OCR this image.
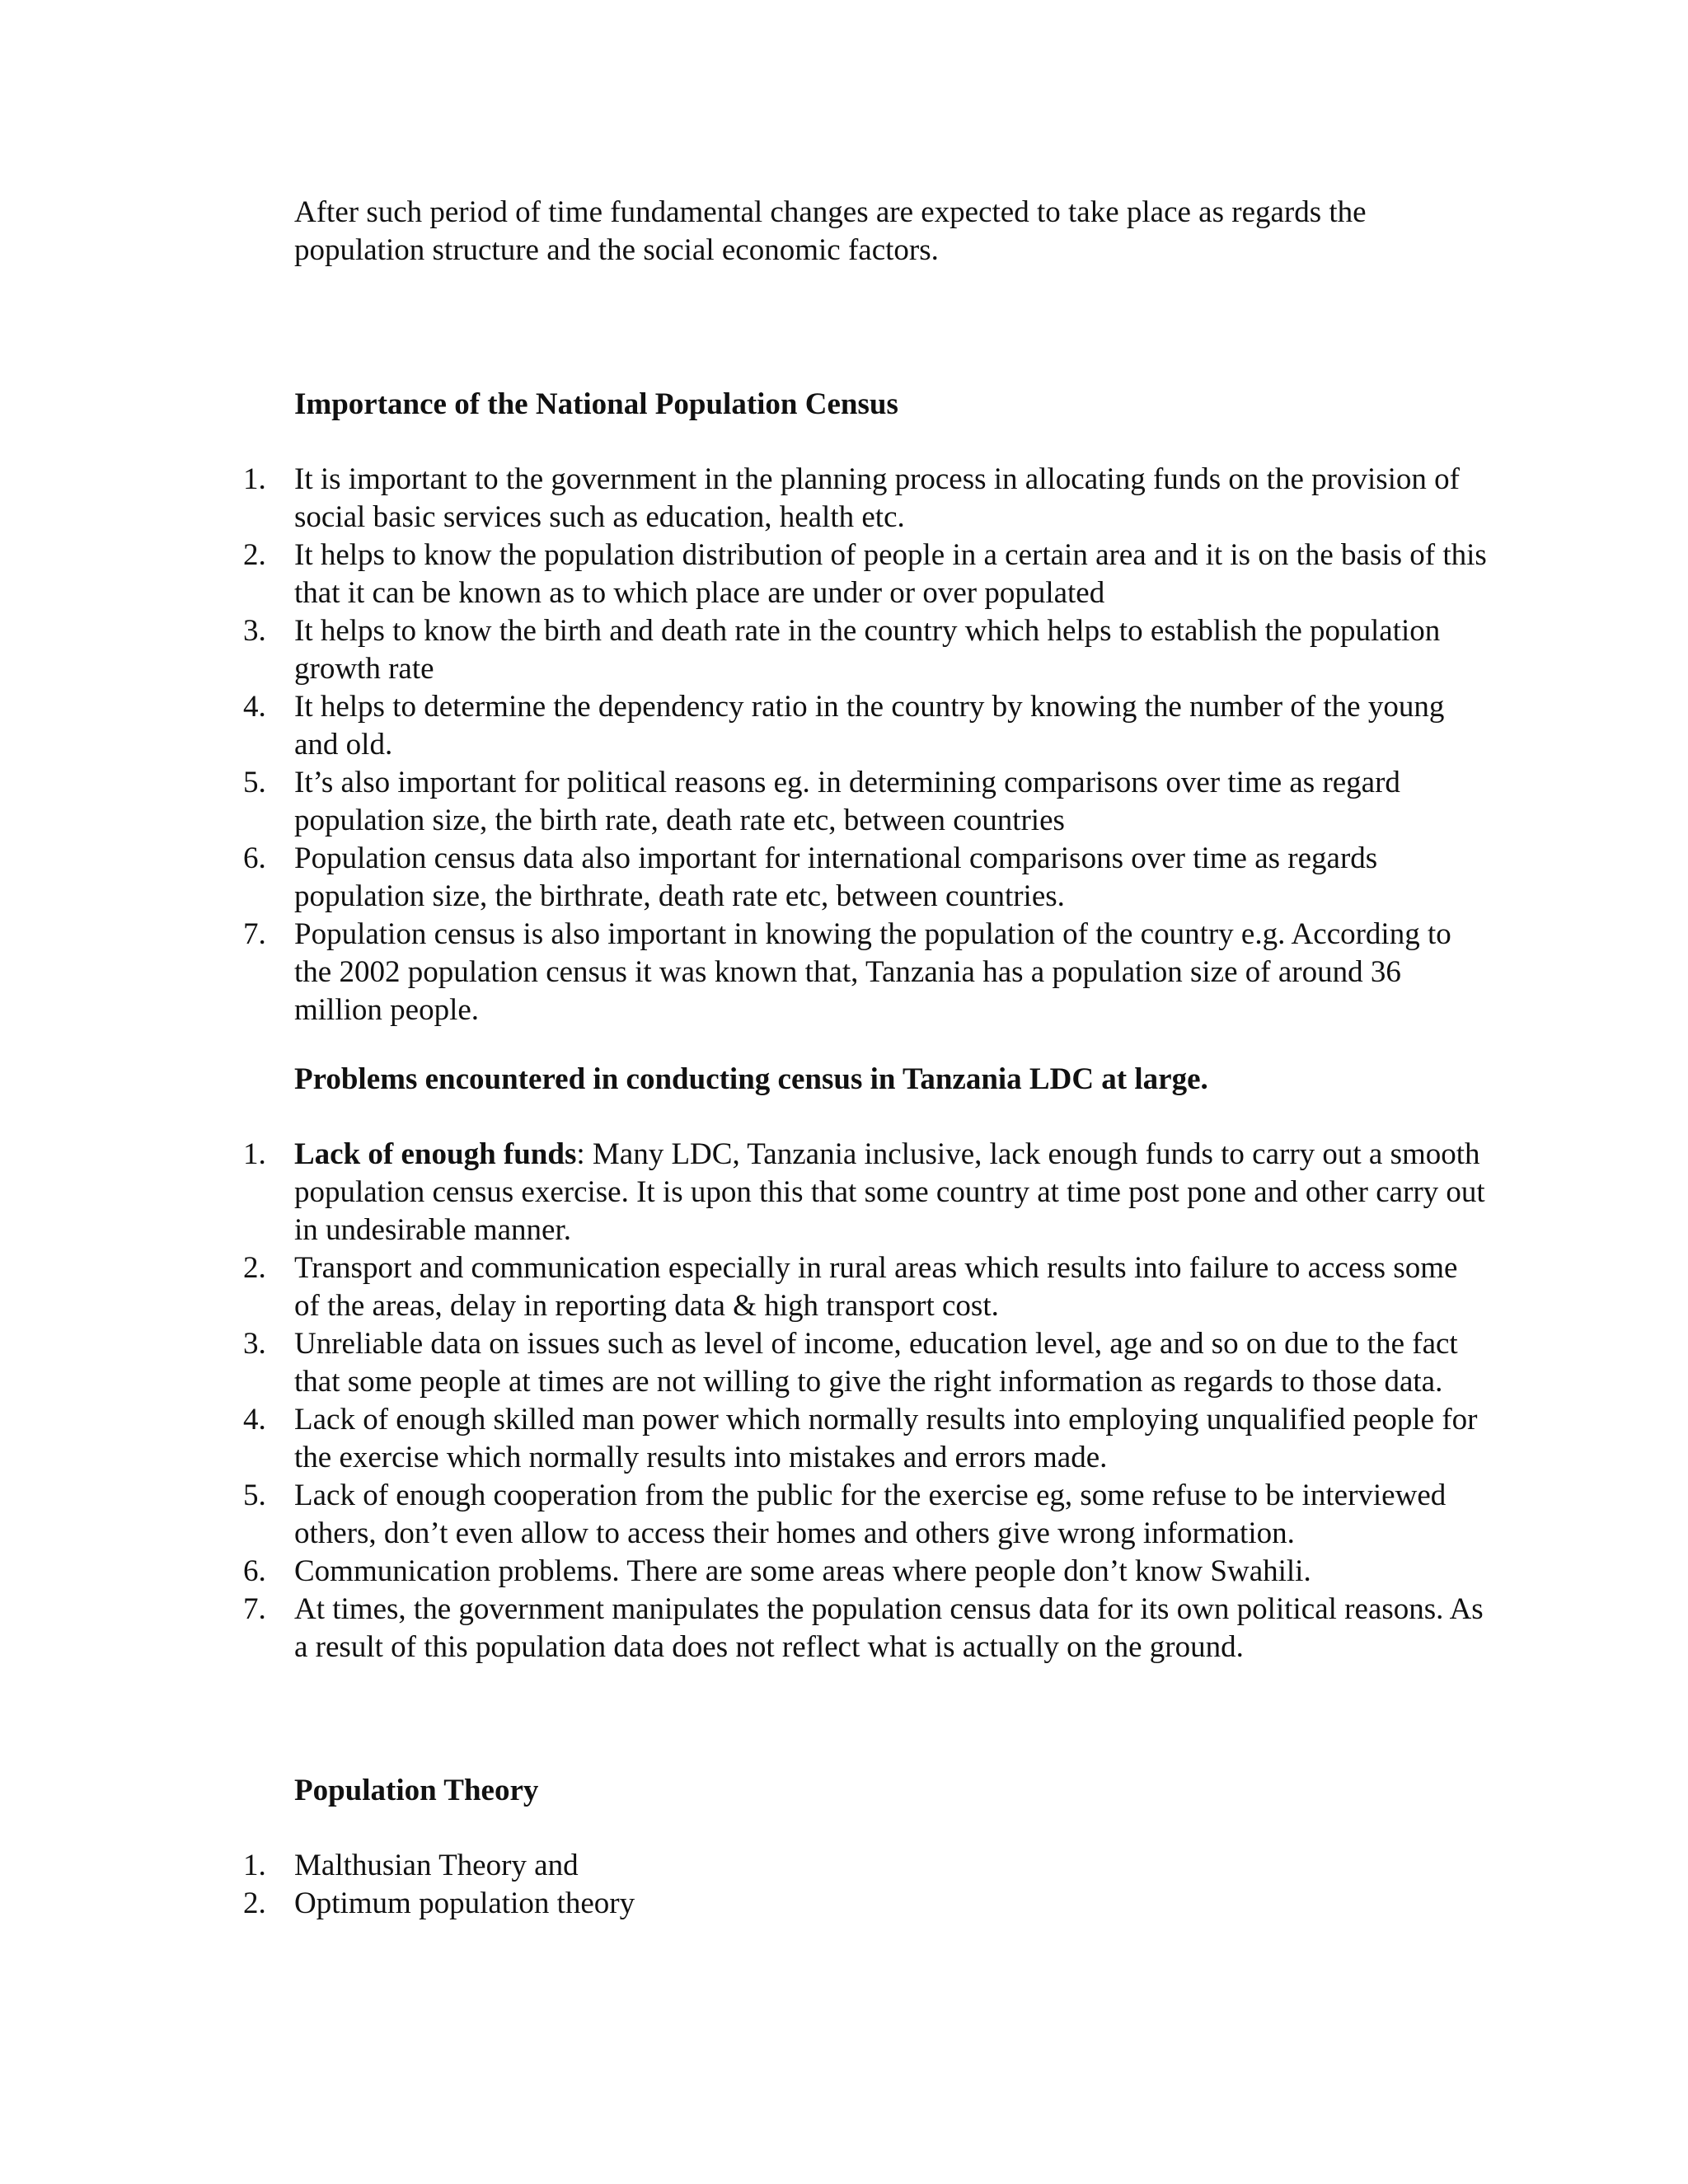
After such period of time fundamental changes are expected to take place as regards the population structure and the social economic factors.

Importance of the National Population Census
1. It is important to the government in the planning process in allocating funds on the provision of social basic services such as education, health etc.
2. It helps to know the population distribution of people in a certain area and it is on the basis of this that it can be known as to which place are under or over populated
3. It helps to know the birth and death rate in the country which helps to establish the population growth rate
4. It helps to determine the dependency ratio in the country by knowing the number of the young and old.
5. It’s also important for political reasons eg. in determining comparisons over time as regard population size, the birth rate, death rate etc, between countries
6. Population census data also important for international comparisons over time as regards population size, the birthrate, death rate etc, between countries.
7. Population census is also important in knowing the population of the country e.g. According to the 2002 population census it was known that, Tanzania has a population size of around 36 million people.
Problems encountered in conducting census in Tanzania LDC at large.
1. Lack of enough funds: Many LDC, Tanzania inclusive, lack enough funds to carry out a smooth population census exercise. It is upon this that some country at time post pone and other carry out in undesirable manner.
2. Transport and communication especially in rural areas which results into failure to access some of the areas, delay in reporting data & high transport cost.
3. Unreliable data on issues such as level of income, education level, age and so on due to the fact that some people at times are not willing to give the right information as regards to those data.
4. Lack of enough skilled man power which normally results into employing unqualified people for the exercise which normally results into mistakes and errors made.
5. Lack of enough cooperation from the public for the exercise eg, some refuse to be interviewed others, don’t even allow to access their homes and others give wrong information.
6. Communication problems. There are some areas where people don’t know Swahili.
7. At times, the government manipulates the population census data for its own political reasons. As a result of this population data does not reflect what is actually on the ground.
Population Theory
1. Malthusian Theory and
2. Optimum population theory
